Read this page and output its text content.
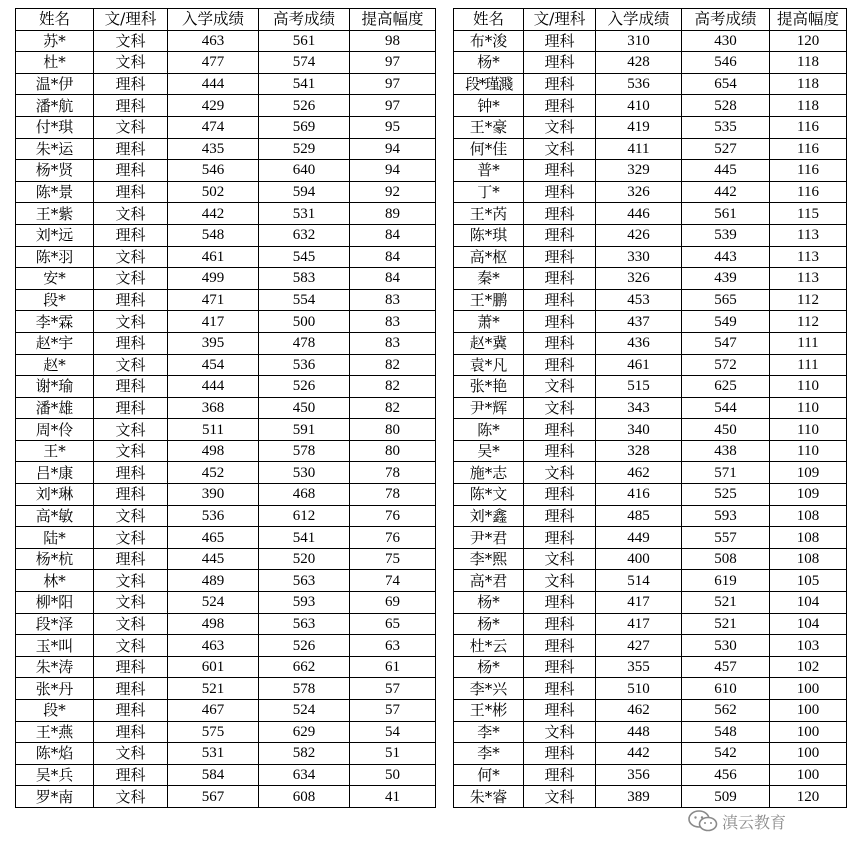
姓名	文/理科	入学成绩	高考成绩	提高幅度
苏*	文科	463	561	98
杜*	文科	477	574	97
温*伊	理科	444	541	97
潘*航	理科	429	526	97
付*琪	文科	474	569	95
朱*运	理科	435	529	94
杨*贤	理科	546	640	94
陈*景	理科	502	594	92
王*紫	文科	442	531	89
刘*远	理科	548	632	84
陈*羽	文科	461	545	84
安*	文科	499	583	84
段*	理科	471	554	83
李*霖	文科	417	500	83
赵*宇	理科	395	478	83
赵*	文科	454	536	82
谢*瑜	理科	444	526	82
潘*雄	理科	368	450	82
周*伶	文科	511	591	80
王*	文科	498	578	80
吕*康	理科	452	530	78
刘*琳	理科	390	468	78
高*敏	文科	536	612	76
陆*	文科	465	541	76
杨*杭	理科	445	520	75
林*	文科	489	563	74
柳*阳	文科	524	593	69
段*泽	文科	498	563	65
玉*叫	文科	463	526	63
朱*涛	理科	601	662	61
张*丹	理科	521	578	57
段*	理科	467	524	57
王*燕	理科	575	629	54
陈*焰	文科	531	582	51
吴*兵	理科	584	634	50
罗*南	文科	567	608	41
姓名	文/理科	入学成绩	高考成绩	提高幅度
布*浚	理科	310	430	120
杨*	理科	428	546	118
段*瑾濺	理科	536	654	118
钟*	理科	410	528	118
王*豪	文科	419	535	116
何*佳	文科	411	527	116
普*	理科	329	445	116
丁*	理科	326	442	116
王*芮	理科	446	561	115
陈*琪	理科	426	539	113
高*枢	理科	330	443	113
秦*	理科	326	439	113
王*鹏	理科	453	565	112
萧*	理科	437	549	112
赵*冀	理科	436	547	111
袁*凡	理科	461	572	111
张*艳	文科	515	625	110
尹*辉	文科	343	544	110
陈*	理科	340	450	110
吴*	理科	328	438	110
施*志	文科	462	571	109
陈*文	理科	416	525	109
刘*鑫	理科	485	593	108
尹*君	理科	449	557	108
李*熙	文科	400	508	108
高*君	文科	514	619	105
杨*	理科	417	521	104
杨*	理科	417	521	104
杜*云	理科	427	530	103
杨*	理科	355	457	102
李*兴	理科	510	610	100
王*彬	理科	462	562	100
李*	文科	448	548	100
李*	理科	442	542	100
何*	理科	356	456	100
朱*睿	文科	389	509	120
滇云教育
